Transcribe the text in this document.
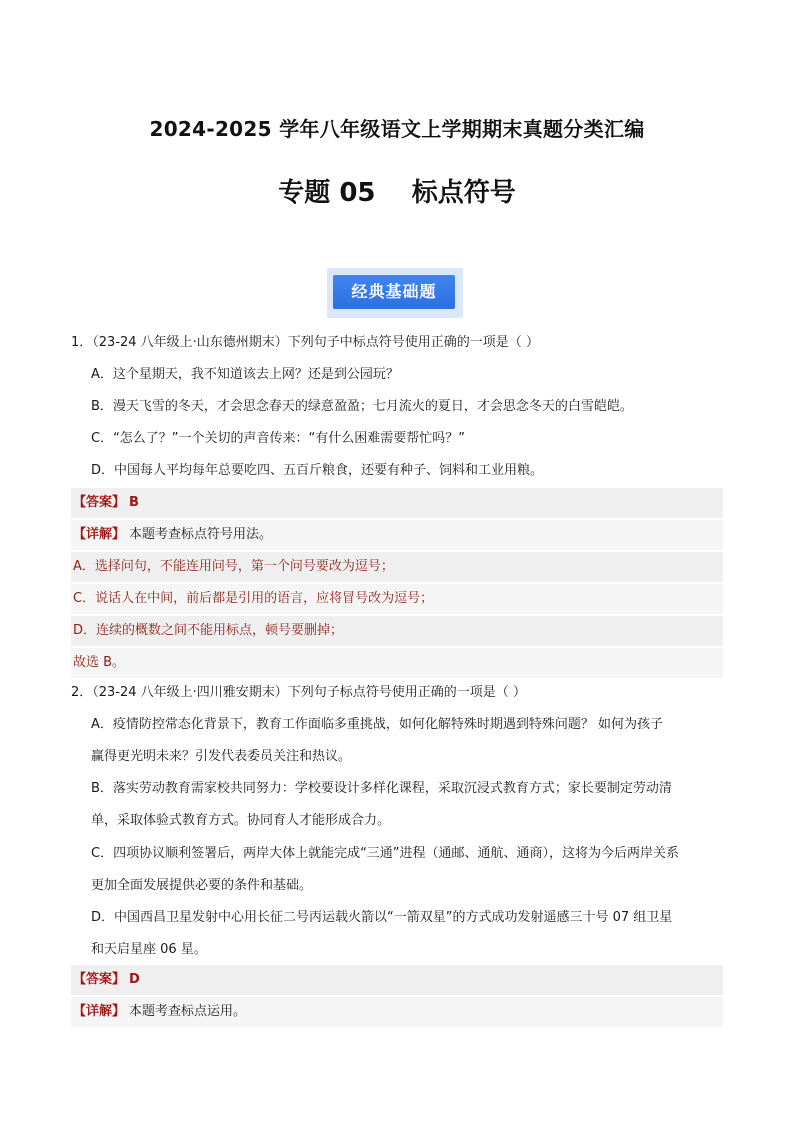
2024-2025 学年八年级语文上学期期末真题分类汇编
专题 05    标点符号
经典基础题
1．（23-24 八年级上·山东德州期末）下列句子中标点符号使用正确的一项是（ ）
A．这个星期天，我不知道该去上网？还是到公园玩？
B．漫天飞雪的冬天，才会思念春天的绿意盈盈；七月流火的夏日，才会思念冬天的白雪皑皑。
C．“怎么了？”一个关切的声音传来：“有什么困难需要帮忙吗？”
D．中国每人平均每年总要吃四、五百斤粮食，还要有种子、饲料和工业用粮。
【答案】 B
【详解】 本题考查标点符号用法。
A．选择问句，不能连用问号，第一个问号要改为逗号；
C．说话人在中间，前后都是引用的语言，应将冒号改为逗号；
D．连续的概数之间不能用标点，顿号要删掉；
故选 B。
2．（23-24 八年级上·四川雅安期末）下列句子标点符号使用正确的一项是（ ）
A．疫情防控常态化背景下，教育工作面临多重挑战，如何化解特殊时期遇到特殊问题？ 如何为孩子
赢得更光明未来？引发代表委员关注和热议。
B．落实劳动教育需家校共同努力：学校要设计多样化课程，采取沉浸式教育方式；家长要制定劳动清
单，采取体验式教育方式。协同育人才能形成合力。
C．四项协议顺利签署后，两岸大体上就能完成“三通”进程（通邮、通航、通商），这将为今后两岸关系
更加全面发展提供必要的条件和基础。
D．中国西昌卫星发射中心用长征二号丙运载火箭以“一箭双星”的方式成功发射遥感三十号 07 组卫星
和天启星座 06 星。
【答案】 D
【详解】 本题考查标点运用。
